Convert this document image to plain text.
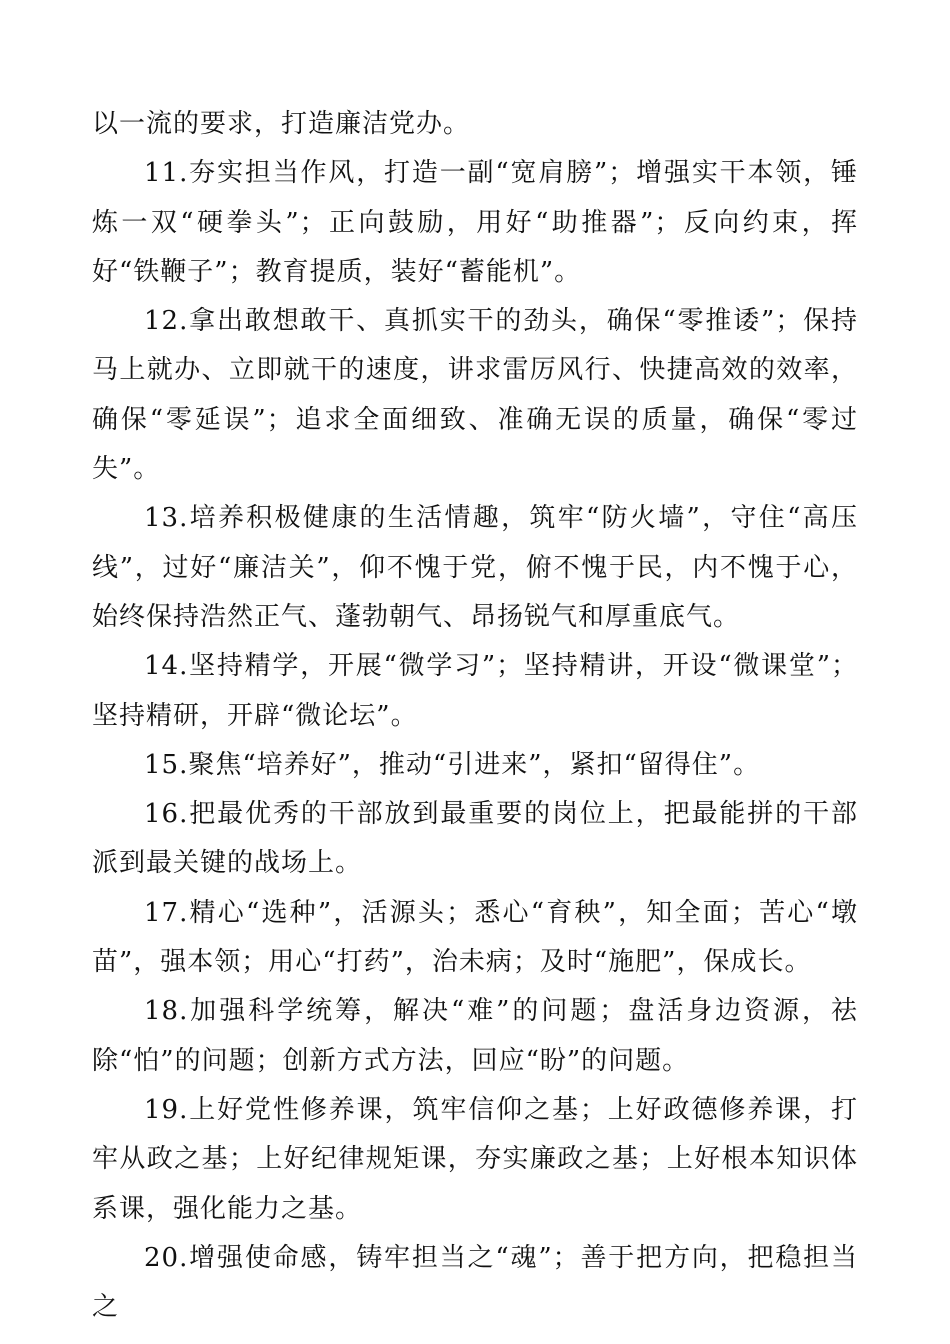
以一流的要求，打造廉洁党办。

11.夯实担当作风，打造一副“宽肩膀”；增强实干本领，锤炼一双“硬拳头”；正向鼓励，用好“助推器”；反向约束，挥好“铁鞭子”；教育提质，装好“蓄能机”。

12.拿出敢想敢干、真抓实干的劲头，确保“零推诿”；保持马上就办、立即就干的速度，讲求雷厉风行、快捷高效的效率，确保“零延误”；追求全面细致、准确无误的质量，确保“零过失”。

13.培养积极健康的生活情趣，筑牢“防火墙”，守住“高压线”，过好“廉洁关”，仰不愧于党，俯不愧于民，内不愧于心，始终保持浩然正气、蓬勃朝气、昂扬锐气和厚重底气。

14.坚持精学，开展“微学习”；坚持精讲，开设“微课堂”；坚持精研，开辟“微论坛”。

15.聚焦“培养好”，推动“引进来”，紧扣“留得住”。

16.把最优秀的干部放到最重要的岗位上，把最能拼的干部派到最关键的战场上。

17.精心“选种”，活源头；悉心“育秧”，知全面；苦心“墩苗”，强本领；用心“打药”，治未病；及时“施肥”，保成长。

18.加强科学统筹，解决“难”的问题；盘活身边资源，祛除“怕”的问题；创新方式方法，回应“盼”的问题。

19.上好党性修养课，筑牢信仰之基；上好政德修养课，打牢从政之基；上好纪律规矩课，夯实廉政之基；上好根本知识体系课，强化能力之基。

20.增强使命感，铸牢担当之“魂”；善于把方向，把稳担当之
